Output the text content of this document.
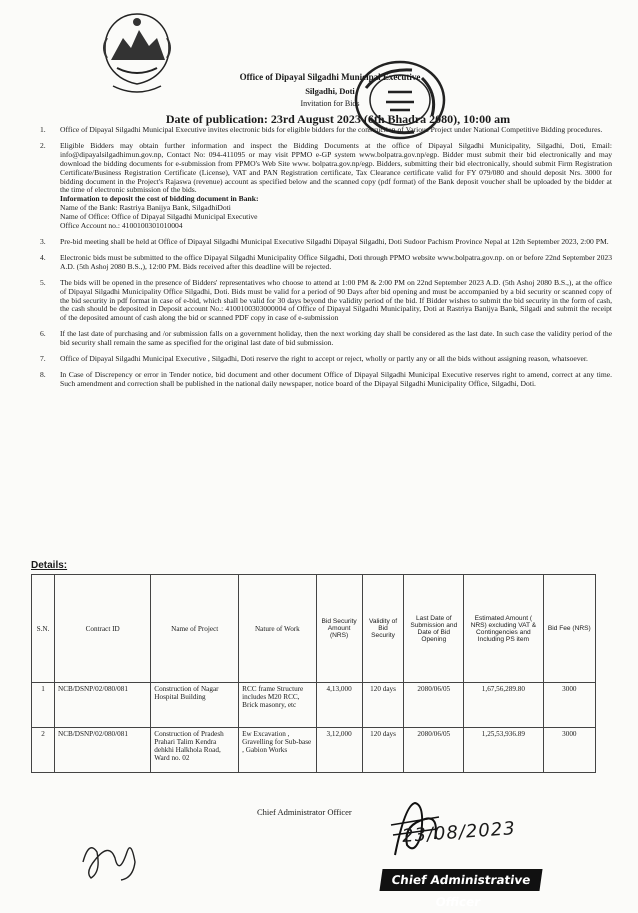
Office of Dipayal Silgadhi Municipal Executive
Silgadhi, Doti
Invitation for Bids
Date of publication: 23rd August 2023 (6th Bhadra 2080), 10:00 am
1.	Office of Dipayal Silgadhi Municipal Executive invites electronic bids for eligible bidders for the construction of Various Project under National Competitive Bidding procedures.
2.	Eligible Bidders may obtain further information and inspect the Bidding Documents at the office of Dipayal Silgadhi Municipality, Silgadhi, Doti, Email: info@dipayalsilgadhimun.gov.np, Contact No: 094-411095 or may visit PPMO e-GP system www.bolpatra.gov.np/egp. Bidder must submit their bid electronically and may download the bidding documents for e-submission from PPMO's Web Site www. bolpatra.gov.np/egp. Bidders, submitting their bid electronically, should submit Firm Registration Certificate/Business Registration Certificate (License), VAT and PAN Registration certificate, Tax Clearance certificate valid for FY 079/080 and should deposit Nrs. 3000 for bidding document in the Project's Rajaswa (revenue) account as specified below and the scanned copy (pdf format) of the Bank deposit voucher shall be uploaded by the bidder at the time of electronic submission of the bids.
Information to deposit the cost of bidding document in Bank:
Name of the Bank: Rastriya Banijya Bank, SilgadhiDoti
Name of Office: Office of Dipayal Silgadhi Municipal Executive
Office Account no.: 4100100301010004
3.	Pre-bid meeting shall be held at Office of Dipayal Silgadhi Municipal Executive Silgadhi Dipayal Silgadhi, Doti Sudoor Pachism Province Nepal at 12th September 2023, 2:00 PM.
4.	Electronic bids must be submitted to the office Dipayal Silgadhi Municipality Office Silgadhi, Doti through PPMO website www.bolpatra.gov.np. on or before 22nd September 2023 A.D. (5th Ashoj 2080 B.S.,), 12:00 PM. Bids received after this deadline will be rejected.
5.	The bids will be opened in the presence of Bidders' representatives who choose to attend at 1:00 PM & 2:00 PM on 22nd September 2023 A.D. (5th Ashoj 2080 B.S.,), at the office of Dipayal Silgadhi Municipality Office Silgadhi, Doti. Bids must be valid for a period of 90 Days after bid opening and must be accompanied by a bid security or scanned copy of the bid security in pdf format in case of e-bid, which shall be valid for 30 days beyond the validity period of the bid. If Bidder wishes to submit the bid security in the form of cash, the cash should be deposited in Deposit account No.: 4100100303000004 of Office of Dipayal Silgadhi Municipality, Doti at Rastriya Banijya Bank, Silgadi and submit the receipt of the deposited amount of cash along the bid or scanned PDF copy in case of e-submission
6.	If the last date of purchasing and /or submission falls on a government holiday, then the next working day shall be considered as the last date. In such case the validity period of the bid security shall remain the same as specified for the original last date of bid submission.
7.	Office of Dipayal Silgadhi Municipal Executive , Silgadhi, Doti reserve the right to accept or reject, wholly or partly any or all the bids without assigning reason, whatsoever.
8.	In Case of Discrepency or error in Tender notice, bid document and other document Office of Dipayal Silgadhi Municipal Executive reserves right to amend, correct at any time. Such amendment and correction shall be published in the national daily newspaper, notice board of the Dipayal Silgadhi Municipality Office, Silgadhi, Doti.
Details:
S.N.	Contract ID	Name of Project	Nature of Work	Bid Security Amount (NRS)	Validity of Bid Security	Last Date of Submission and Date of Bid Opening	Estimated Amount ( NRS) excluding VAT & Contingencies and Including PS item	Bid Fee (NRS)
1	NCB/DSNP/02/080/081	Construction of Nagar Hospital Building	RCC frame Structure includes M20 RCC, Brick masonry, etc	4,13,000	120 days	2080/06/05	1,67,56,289.80	3000
2	NCB/DSNP/02/080/081	Construction of Pradesh Prahari Talim Kendra dehkhi Halkhola Road, Ward no. 02	Ew Excavation , Gravelling for Sub-base , Gabion Works	3,12,000	120 days	2080/06/05	1,25,53,936.89	3000
Chief Administrator Officer
23/08/2023
Chief Administrative Officer
